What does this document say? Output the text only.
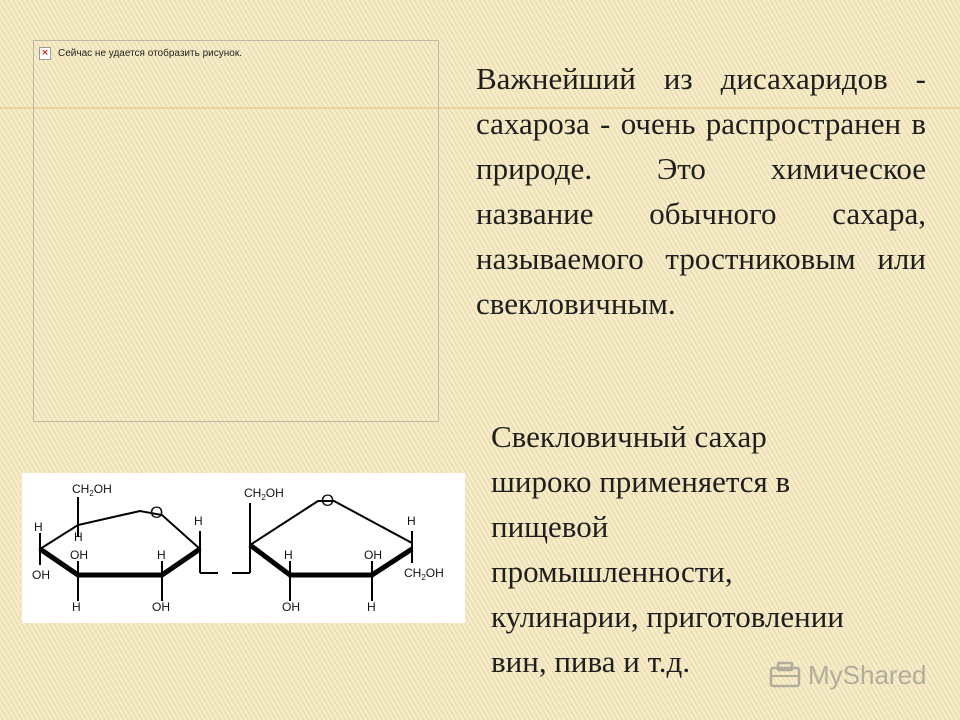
× Сейчас не удается отобразить рисунок.

Важнейший из дисахаридов - сахароза - очень распространен в природе. Это химическое название обычного сахара, называемого тростниковым или свекловичным.

Свекловичный сахар
широко применяется в
пищевой
промышленности,
кулинарии, приготовлении
вин, пива и т.д.

$CH_2OH$
O
H
OH
H
OH
H
H
OH
H
$CH_2OH$ O
H
H
OH
OH
$CH_2OH$
H
MyShared
